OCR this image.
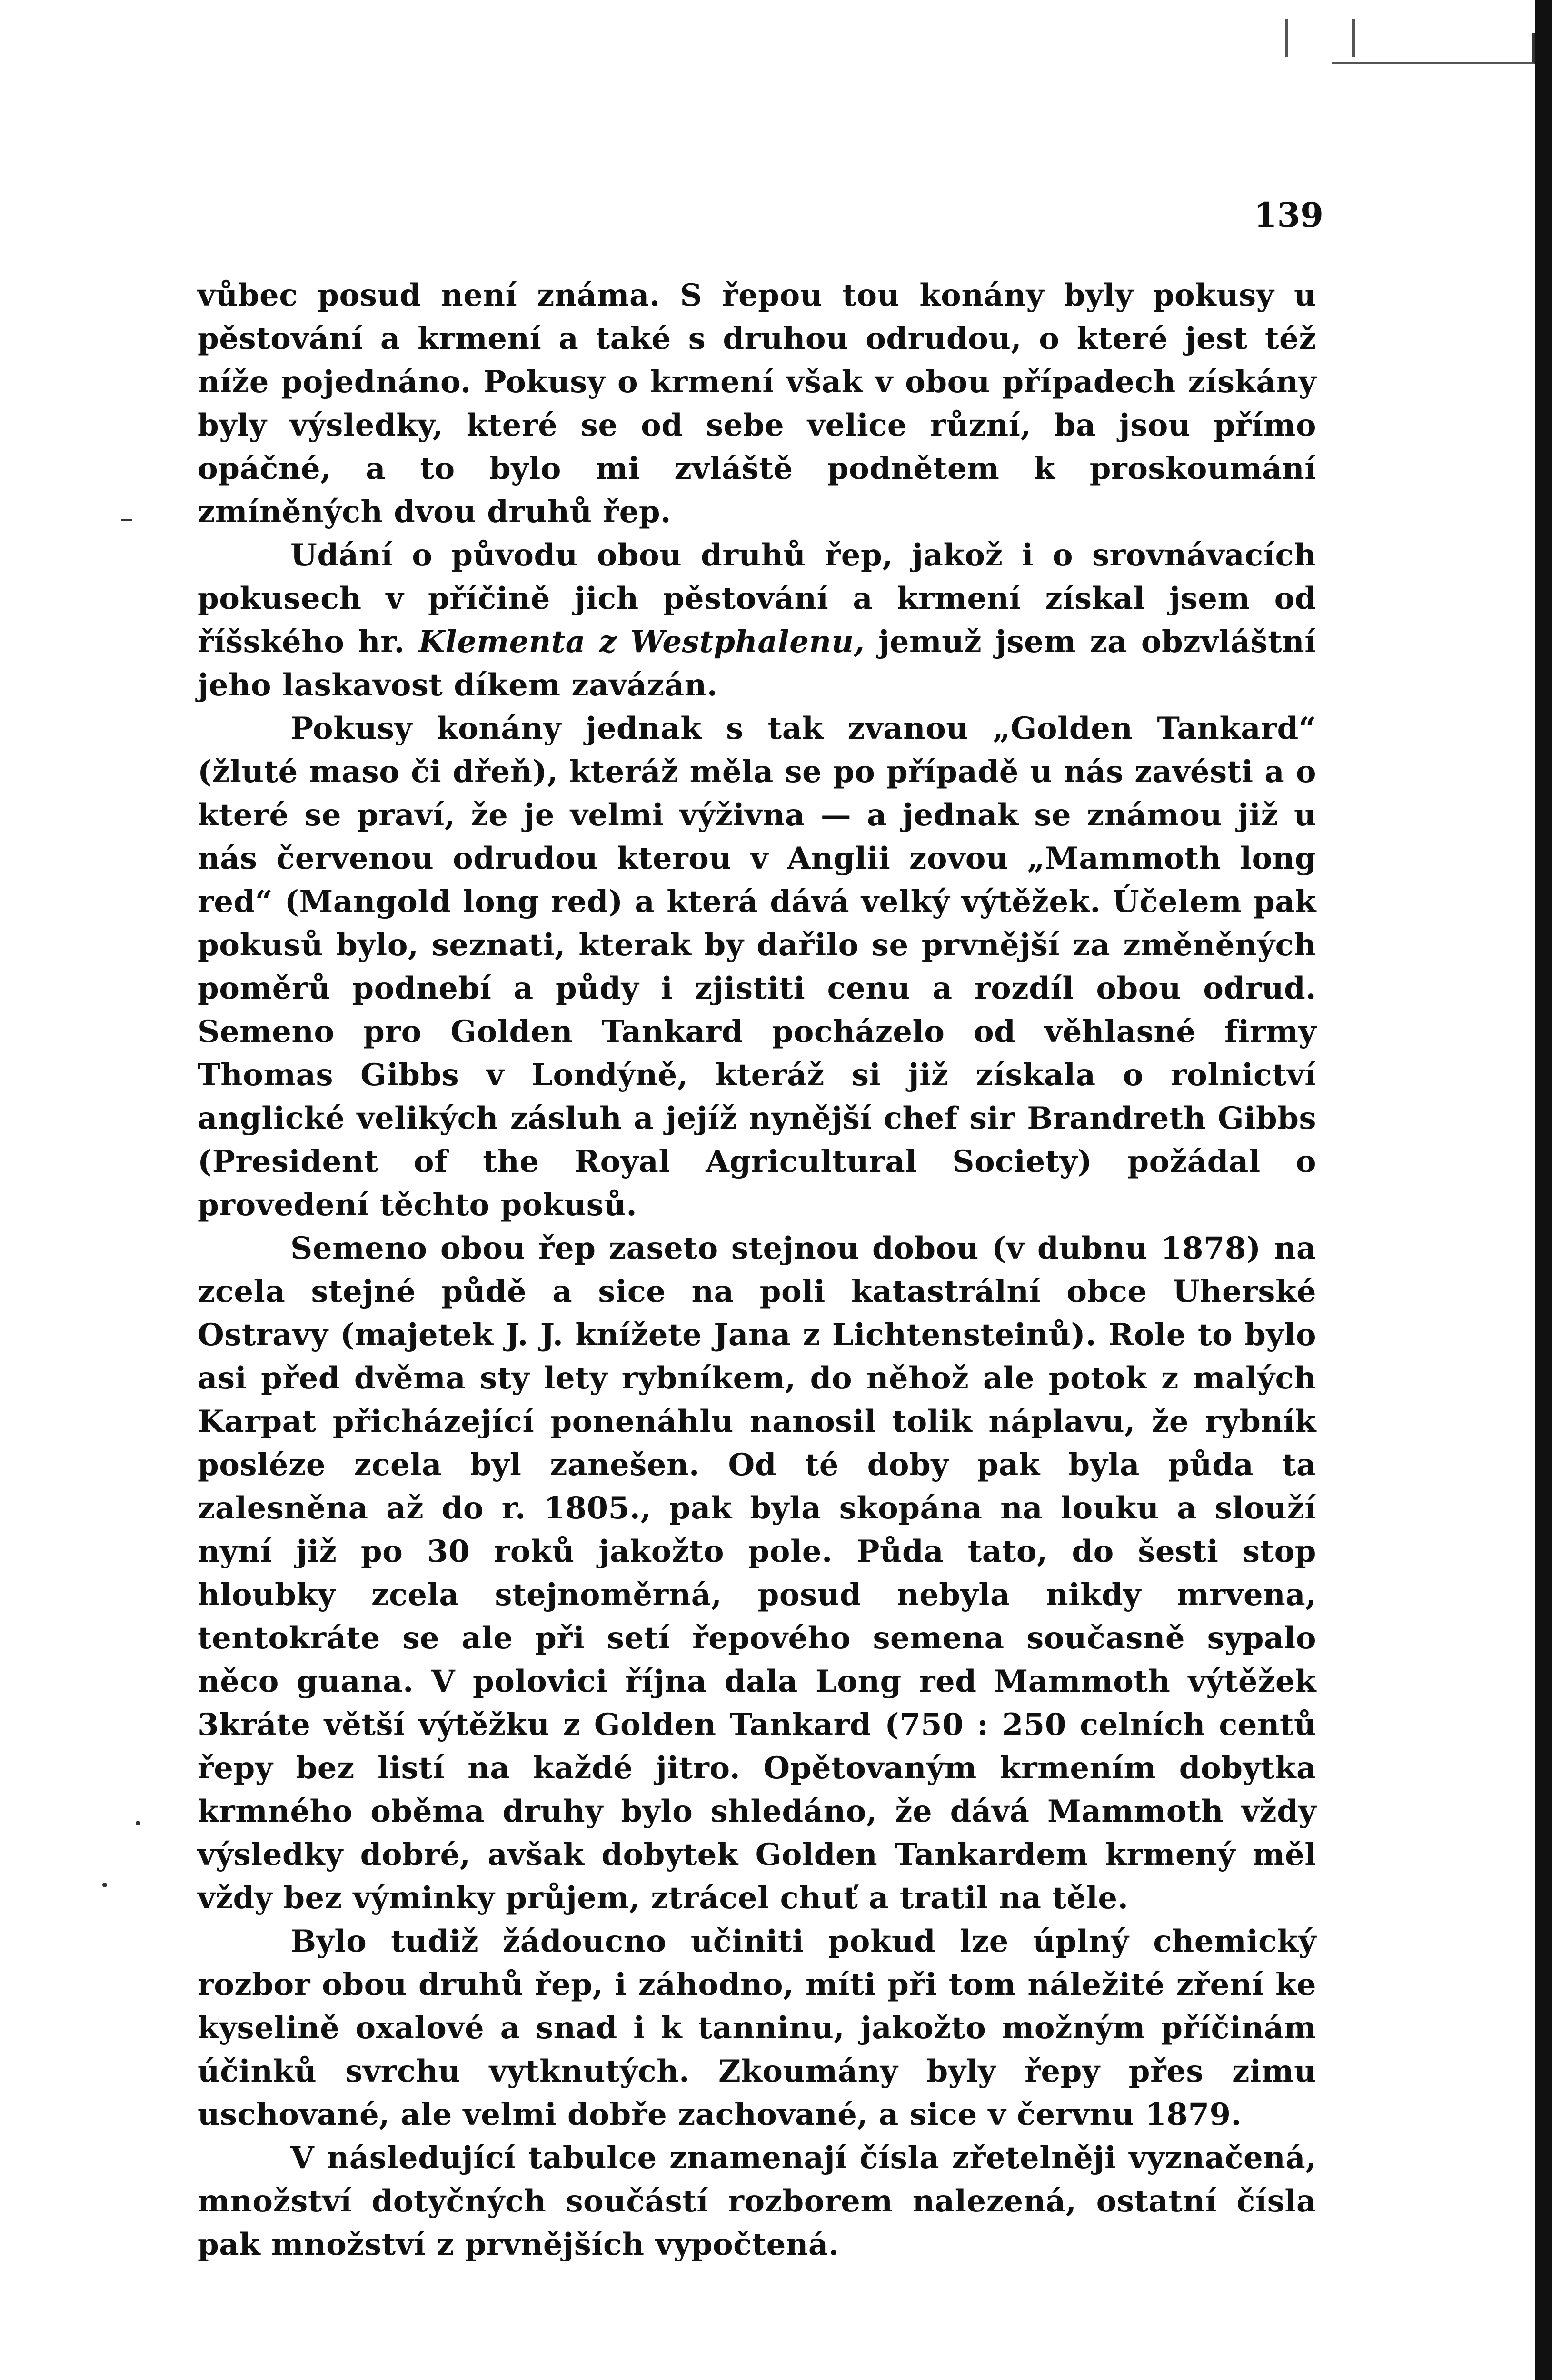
139

vůbec posud není známa. S řepou tou konány byly pokusy u pěstování a krmení a také s druhou odrudou, o které jest též níže pojednáno. Pokusy o krmení však v obou případech získány byly výsledky, které se od sebe velice různí, ba jsou přímo opáčné, a to bylo mi zvláště podnětem k proskoumání zmíněných dvou druhů řep.

Udání o původu obou druhů řep, jakož i o srovnávacích pokusech v příčině jich pěstování a krmení získal jsem od říšského hr. Klementa z Westphalenu, jemuž jsem za obzvláštní jeho laskavost díkem zavázán.

Pokusy konány jednak s tak zvanou „Golden Tankard“ (žluté maso či dřeň), kteráž měla se po případě u nás zavésti a o které se praví, že je velmi výživna — a jednak se známou již u nás červenou odrudou kterou v Anglii zovou „Mammoth long red“ (Mangold long red) a která dává velký výtěžek. Účelem pak pokusů bylo, seznati, kterak by dařilo se prvnější za změněných poměrů podnebí a půdy i zjistiti cenu a rozdíl obou odrud. Semeno pro Golden Tankard pocházelo od věhlasné firmy Thomas Gibbs v Londýně, kteráž si již získala o rolnictví anglické velikých zásluh a jejíž nynější chef sir Brandreth Gibbs (President of the Royal Agricultural Society) požádal o provedení těchto pokusů.

Semeno obou řep zaseto stejnou dobou (v dubnu 1878) na zcela stejné půdě a sice na poli katastrální obce Uherské Ostravy (majetek J. J. knížete Jana z Lichtensteinů). Role to bylo asi před dvěma sty lety rybníkem, do něhož ale potok z malých Karpat přicházející ponenáhlu nanosil tolik náplavu, že rybník posléze zcela byl zanešen. Od té doby pak byla půda ta zalesněna až do r. 1805., pak byla skopána na louku a slouží nyní již po 30 roků jakožto pole. Půda tato, do šesti stop hloubky zcela stejnoměrná, posud nebyla nikdy mrvena, tentokráte se ale při setí řepového semena současně sypalo něco guana. V polovici října dala Long red Mammoth výtěžek 3kráte větší výtěžku z Golden Tankard (750 : 250 celních centů řepy bez listí na každé jitro. Opětovaným krmením dobytka krmného oběma druhy bylo shledáno, že dává Mammoth vždy výsledky dobré, avšak dobytek Golden Tankardem krmený měl vždy bez výminky průjem, ztrácel chuť a tratil na těle.

Bylo tudiž žádoucno učiniti pokud lze úplný chemický rozbor obou druhů řep, i záhodno, míti při tom náležité zření ke kyselině oxalové a snad i k tanninu, jakožto možným příčinám účinků svrchu vytknutých. Zkoumány byly řepy přes zimu uschované, ale velmi dobře zachované, a sice v červnu 1879.

V následující tabulce znamenají čísla zřetelněji vyznačená, množství dotyčných součástí rozborem nalezená, ostatní čísla pak množství z prvnějších vypočtená.
